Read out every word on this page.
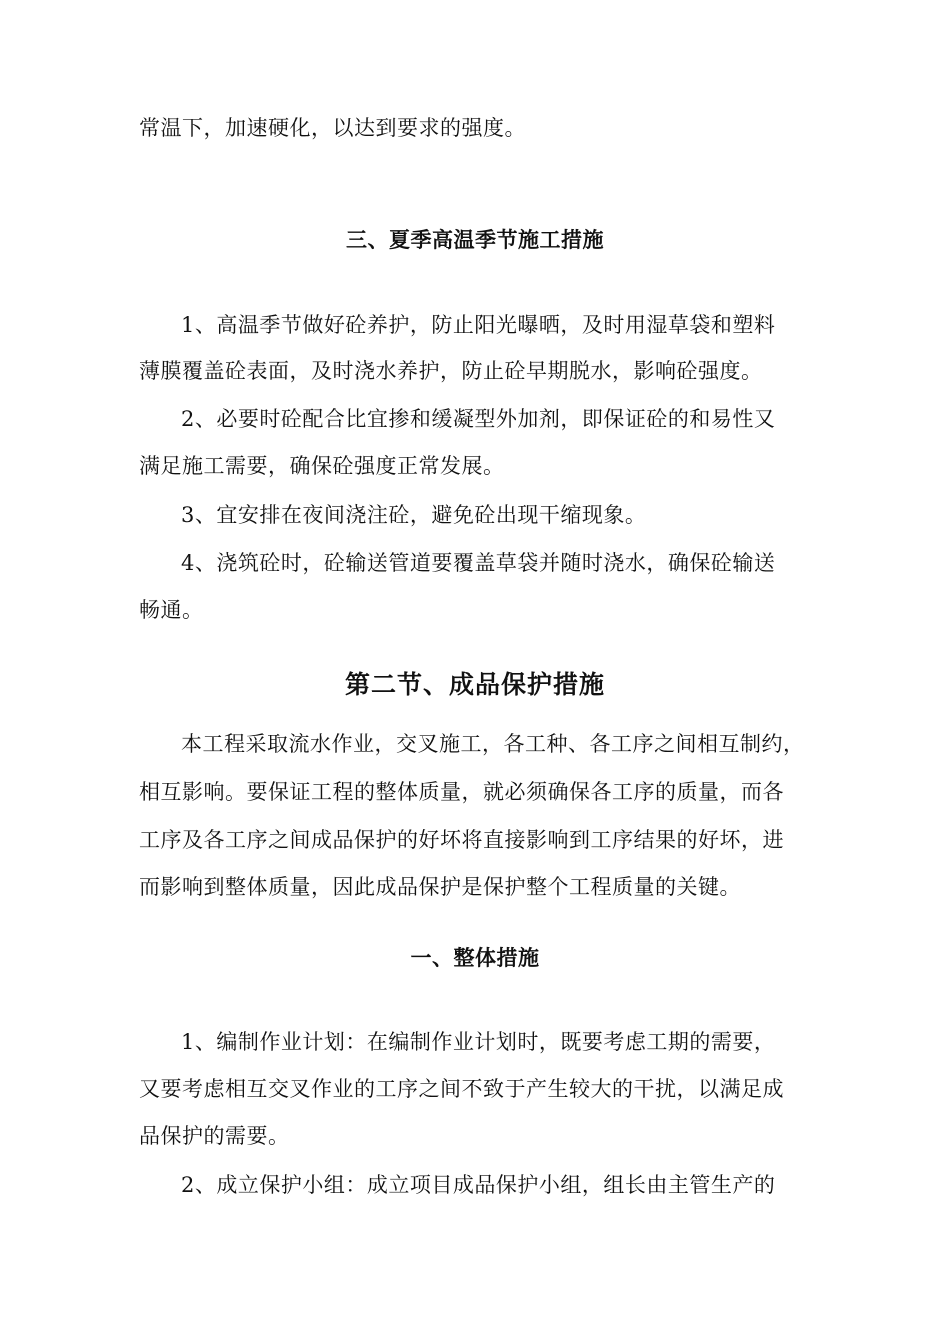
常温下，加速硬化，以达到要求的强度。
三、夏季高温季节施工措施
1、高温季节做好砼养护，防止阳光曝晒，及时用湿草袋和塑料
薄膜覆盖砼表面，及时浇水养护，防止砼早期脱水，影响砼强度。
2、必要时砼配合比宜掺和缓凝型外加剂，即保证砼的和易性又
满足施工需要，确保砼强度正常发展。
3、宜安排在夜间浇注砼，避免砼出现干缩现象。
4、浇筑砼时，砼输送管道要覆盖草袋并随时浇水，确保砼输送
畅通。
第二节、成品保护措施
本工程采取流水作业，交叉施工，各工种、各工序之间相互制约，
相互影响。要保证工程的整体质量，就必须确保各工序的质量，而各
工序及各工序之间成品保护的好坏将直接影响到工序结果的好坏，进
而影响到整体质量，因此成品保护是保护整个工程质量的关键。
一、整体措施
1、编制作业计划：在编制作业计划时，既要考虑工期的需要，
又要考虑相互交叉作业的工序之间不致于产生较大的干扰，以满足成
品保护的需要。
2、成立保护小组：成立项目成品保护小组，组长由主管生产的
